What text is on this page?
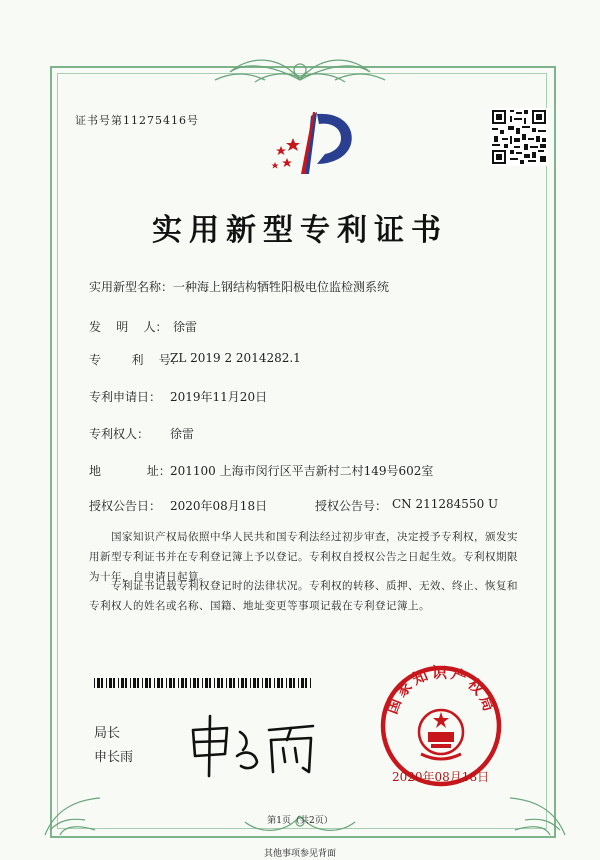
证书号第11275416号
实用新型专利证书
实用新型名称： 一种海上钢结构牺牲阳极电位监检测系统
发    明    人： 徐雷
专        利    号：
ZL 2019 2 2014282.1
专利申请日： 2019年11月20日
专利权人： 徐雷
地            址： 201100 上海市闵行区平吉新村二村149号602室
授权公告日： 2020年08月18日	授权公告号： CN 211284550 U
国家知识产权局依照中华人民共和国专利法经过初步审查，决定授予专利权，颁发实用新型专利证书并在专利登记簿上予以登记。专利权自授权公告之日起生效。专利权期限为十年，自申请日起算。
专利证书记载专利权登记时的法律状况。专利权的转移、质押、无效、终止、恢复和专利权人的姓名或名称、国籍、地址变更等事项记载在专利登记簿上。
局长
申长雨
国家知识产权局
2020年08月18日
第1页（共2页）
其他事项参见背面
